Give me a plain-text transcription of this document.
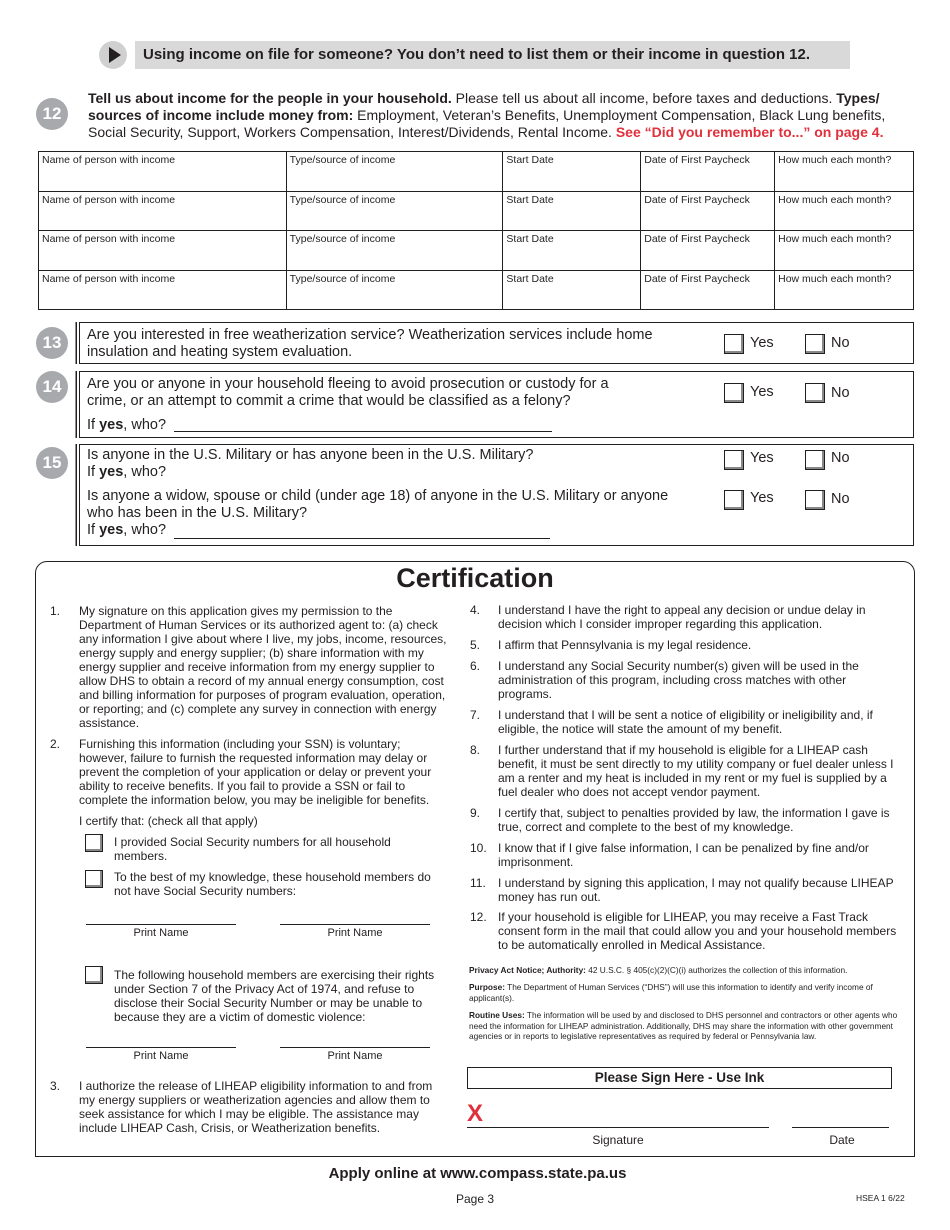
Using income on file for someone? You don’t need to list them or their income in question 12.
12
Tell us about income for the people in your household. Please tell us about all income, before taxes and deductions. Types/ sources of income include money from: Employment, Veteran’s Benefits, Unemployment Compensation, Black Lung benefits, Social Security, Support, Workers Compensation, Interest/Dividends, Rental Income. See “Did you remember to...” on page 4.
Name of person with income	Type/source of income	Start Date	Date of First Paycheck	How much each month?
Name of person with income	Type/source of income	Start Date	Date of First Paycheck	How much each month?
Name of person with income	Type/source of income	Start Date	Date of First Paycheck	How much each month?
Name of person with income	Type/source of income	Start Date	Date of First Paycheck	How much each month?
13	Are you interested in free weatherization service? Weatherization services include home insulation and heating system evaluation.
Yes	No
14	Are you or anyone in your household fleeing to avoid prosecution or custody for a crime, or an attempt to commit a crime that would be classified as a felony?
If yes, who?
Yes	No
15	Is anyone in the U.S. Military or has anyone been in the U.S. Military?
If yes, who?
Yes	No
Is anyone a widow, spouse or child (under age 18) of anyone in the U.S. Military or anyone who has been in the U.S. Military?
If yes, who?
Yes	No
Certification
1. My signature on this application gives my permission to the Department of Human Services or its authorized agent to: (a) check any information I give about where I live, my jobs, income, resources, energy supply and energy supplier; (b) share information with my energy supplier and receive information from my energy supplier to allow DHS to obtain a record of my annual energy consumption, cost and billing information for purposes of program evaluation, operation, or reporting; and (c) complete any survey in connection with energy assistance.
2. Furnishing this information (including your SSN) is voluntary; however, failure to furnish the requested information may delay or prevent the completion of your application or delay or prevent your ability to receive benefits. If you fail to provide a SSN or fail to complete the information below, you may be ineligible for benefits.
I certify that: (check all that apply)
I provided Social Security numbers for all household members.
To the best of my knowledge, these household members do not have Social Security numbers:
Print Name	Print Name
The following household members are exercising their rights under Section 7 of the Privacy Act of 1974, and refuse to disclose their Social Security Number or may be unable to because they are a victim of domestic violence:
Print Name	Print Name
3. I authorize the release of LIHEAP eligibility information to and from my energy suppliers or weatherization agencies and allow them to seek assistance for which I may be eligible. The assistance may include LIHEAP Cash, Crisis, or Weatherization benefits.
4. I understand I have the right to appeal any decision or undue delay in decision which I consider improper regarding this application.
5. I affirm that Pennsylvania is my legal residence.
6. I understand any Social Security number(s) given will be used in the administration of this program, including cross matches with other programs.
7. I understand that I will be sent a notice of eligibility or ineligibility and, if eligible, the notice will state the amount of my benefit.
8. I further understand that if my household is eligible for a LIHEAP cash benefit, it must be sent directly to my utility company or fuel dealer unless I am a renter and my heat is included in my rent or my fuel is supplied by a fuel dealer who does not accept vendor payment.
9. I certify that, subject to penalties provided by law, the information I gave is true, correct and complete to the best of my knowledge.
10. I know that if I give false information, I can be penalized by fine and/or imprisonment.
11. I understand by signing this application, I may not qualify because LIHEAP money has run out.
12. If your household is eligible for LIHEAP, you may receive a Fast Track consent form in the mail that could allow you and your household members to be automatically enrolled in Medical Assistance.
Privacy Act Notice; Authority: 42 U.S.C. § 405(c)(2)(C)(i) authorizes the collection of this information.
Purpose: The Department of Human Services (“DHS”) will use this information to identify and verify income of applicant(s).
Routine Uses: The information will be used by and disclosed to DHS personnel and contractors or other agents who need the information for LIHEAP administration. Additionally, DHS may share the information with other government agencies or in reports to legislative representatives as required by federal or Pennsylvania law.
Please Sign Here - Use Ink
X
Signature	Date
Apply online at www.compass.state.pa.us
Page 3	HSEA 1 6/22
